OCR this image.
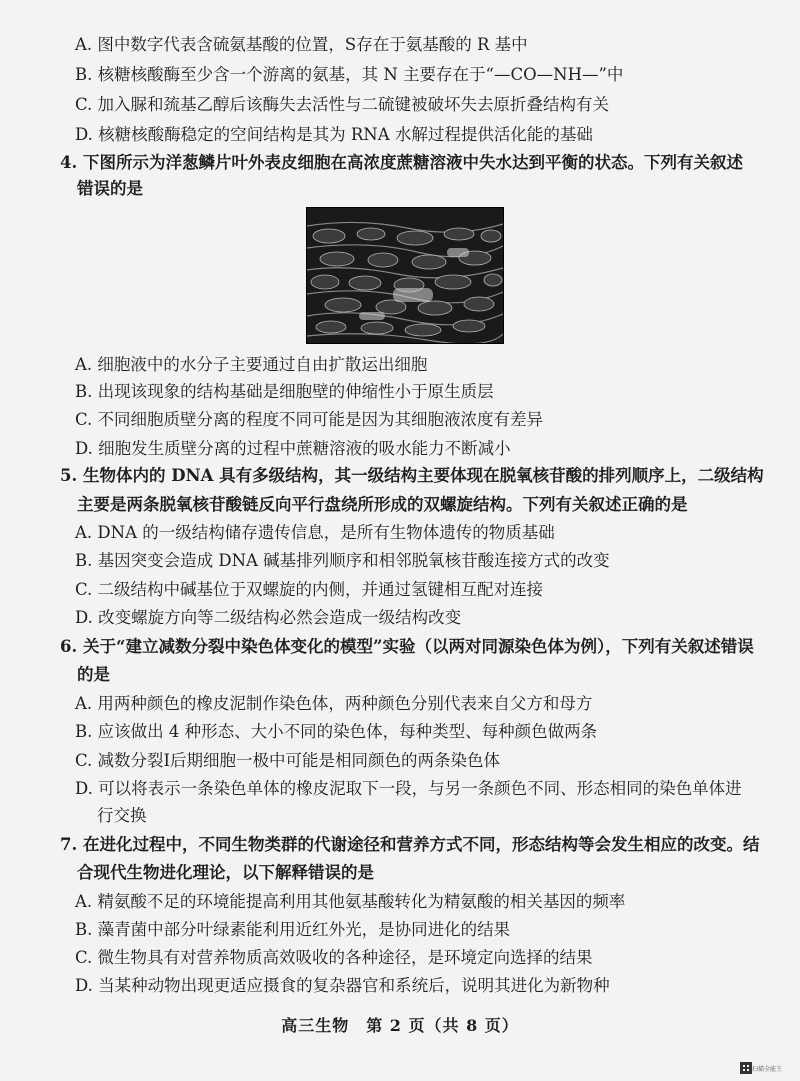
A. 图中数字代表含硫氨基酸的位置，S存在于氨基酸的 R 基中
B. 核糖核酸酶至少含一个游离的氨基，其 N 主要存在于“—CO—NH—”中
C. 加入脲和巯基乙醇后该酶失去活性与二硫键被破坏失去原折叠结构有关
D. 核糖核酸酶稳定的空间结构是其为 RNA 水解过程提供活化能的基础
4. 下图所示为洋葱鳞片叶外表皮细胞在高浓度蔗糖溶液中失水达到平衡的状态。下列有关叙述
错误的是
A. 细胞液中的水分子主要通过自由扩散运出细胞
B. 出现该现象的结构基础是细胞壁的伸缩性小于原生质层
C. 不同细胞质壁分离的程度不同可能是因为其细胞液浓度有差异
D. 细胞发生质壁分离的过程中蔗糖溶液的吸水能力不断减小
5. 生物体内的 DNA 具有多级结构，其一级结构主要体现在脱氧核苷酸的排列顺序上，二级结构
主要是两条脱氧核苷酸链反向平行盘绕所形成的双螺旋结构。下列有关叙述正确的是
A. DNA 的一级结构储存遗传信息，是所有生物体遗传的物质基础
B. 基因突变会造成 DNA 碱基排列顺序和相邻脱氧核苷酸连接方式的改变
C. 二级结构中碱基位于双螺旋的内侧，并通过氢键相互配对连接
D. 改变螺旋方向等二级结构必然会造成一级结构改变
6. 关于“建立减数分裂中染色体变化的模型”实验（以两对同源染色体为例），下列有关叙述错误
的是
A. 用两种颜色的橡皮泥制作染色体，两种颜色分别代表来自父方和母方
B. 应该做出 4 种形态、大小不同的染色体，每种类型、每种颜色做两条
C. 减数分裂Ⅰ后期细胞一极中可能是相同颜色的两条染色体
D. 可以将表示一条染色单体的橡皮泥取下一段，与另一条颜色不同、形态相同的染色单体进
行交换
7. 在进化过程中，不同生物类群的代谢途径和营养方式不同，形态结构等会发生相应的改变。结
合现代生物进化理论，以下解释错误的是
A. 精氨酸不足的环境能提高利用其他氨基酸转化为精氨酸的相关基因的频率
B. 藻青菌中部分叶绿素能利用近红外光，是协同进化的结果
C. 微生物具有对营养物质高效吸收的各种途径，是环境定向选择的结果
D. 当某种动物出现更适应摄食的复杂器官和系统后，说明其进化为新物种
高三生物　第 2 页（共 8 页）
扫描全能王
